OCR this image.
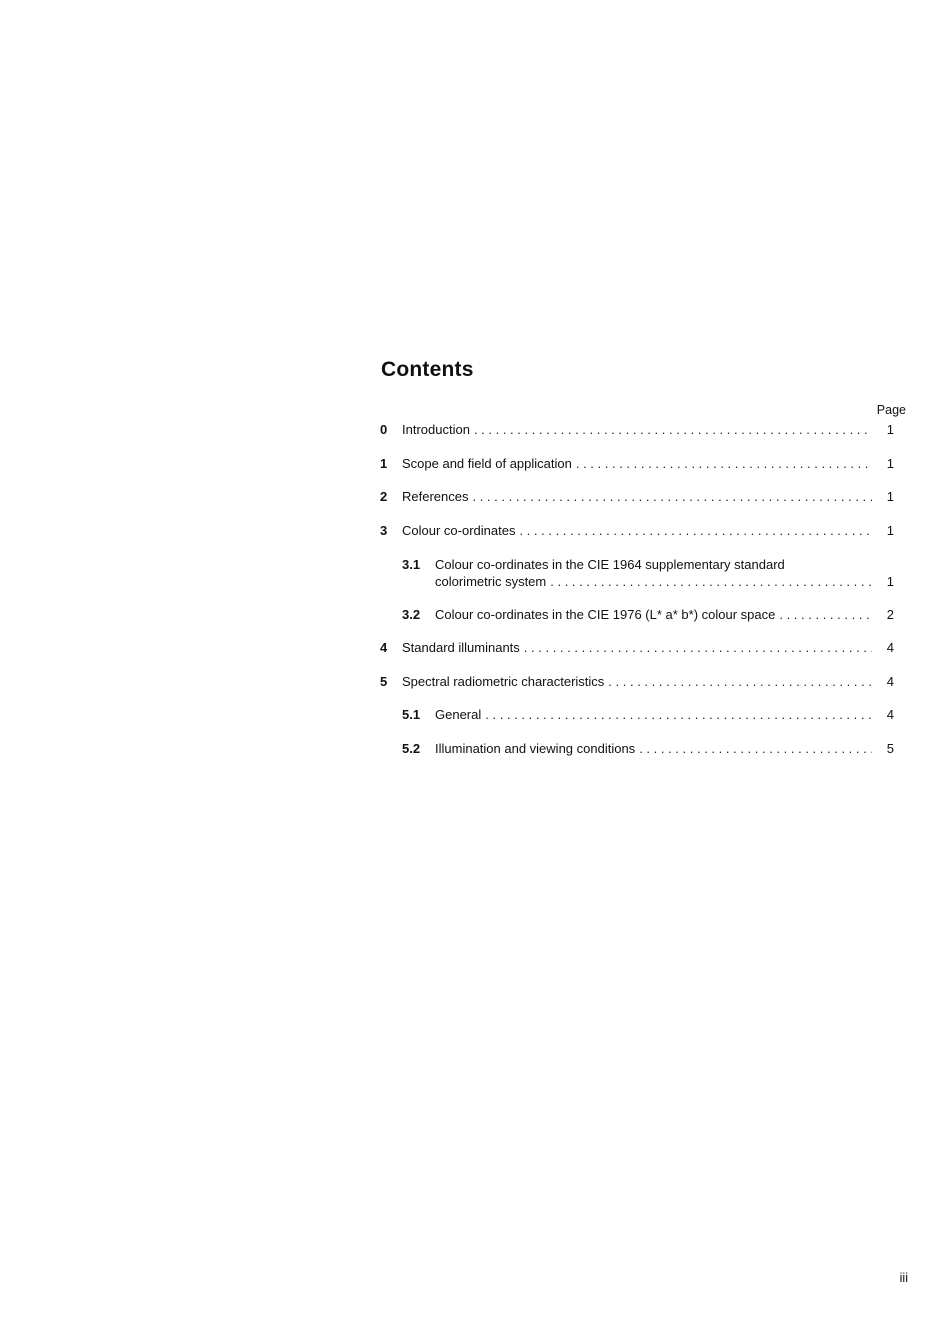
Contents
Page
0 Introduction . . .	1
1 Scope and field of application . . .	1
2 References . . .	1
3 Colour co-ordinates . . .	1
3.1 Colour co-ordinates in the CIE 1964 supplementary standard
colorimetric system . . .	1
3.2 Colour co-ordinates in the CIE 1976 (L* a* b*) colour space . . .	2
4 Standard illuminants . . .	4
5 Spectral radiometric characteristics . . .	4
5.1 General . . .	4
5.2 Illumination and viewing conditions . . .	5
iii
